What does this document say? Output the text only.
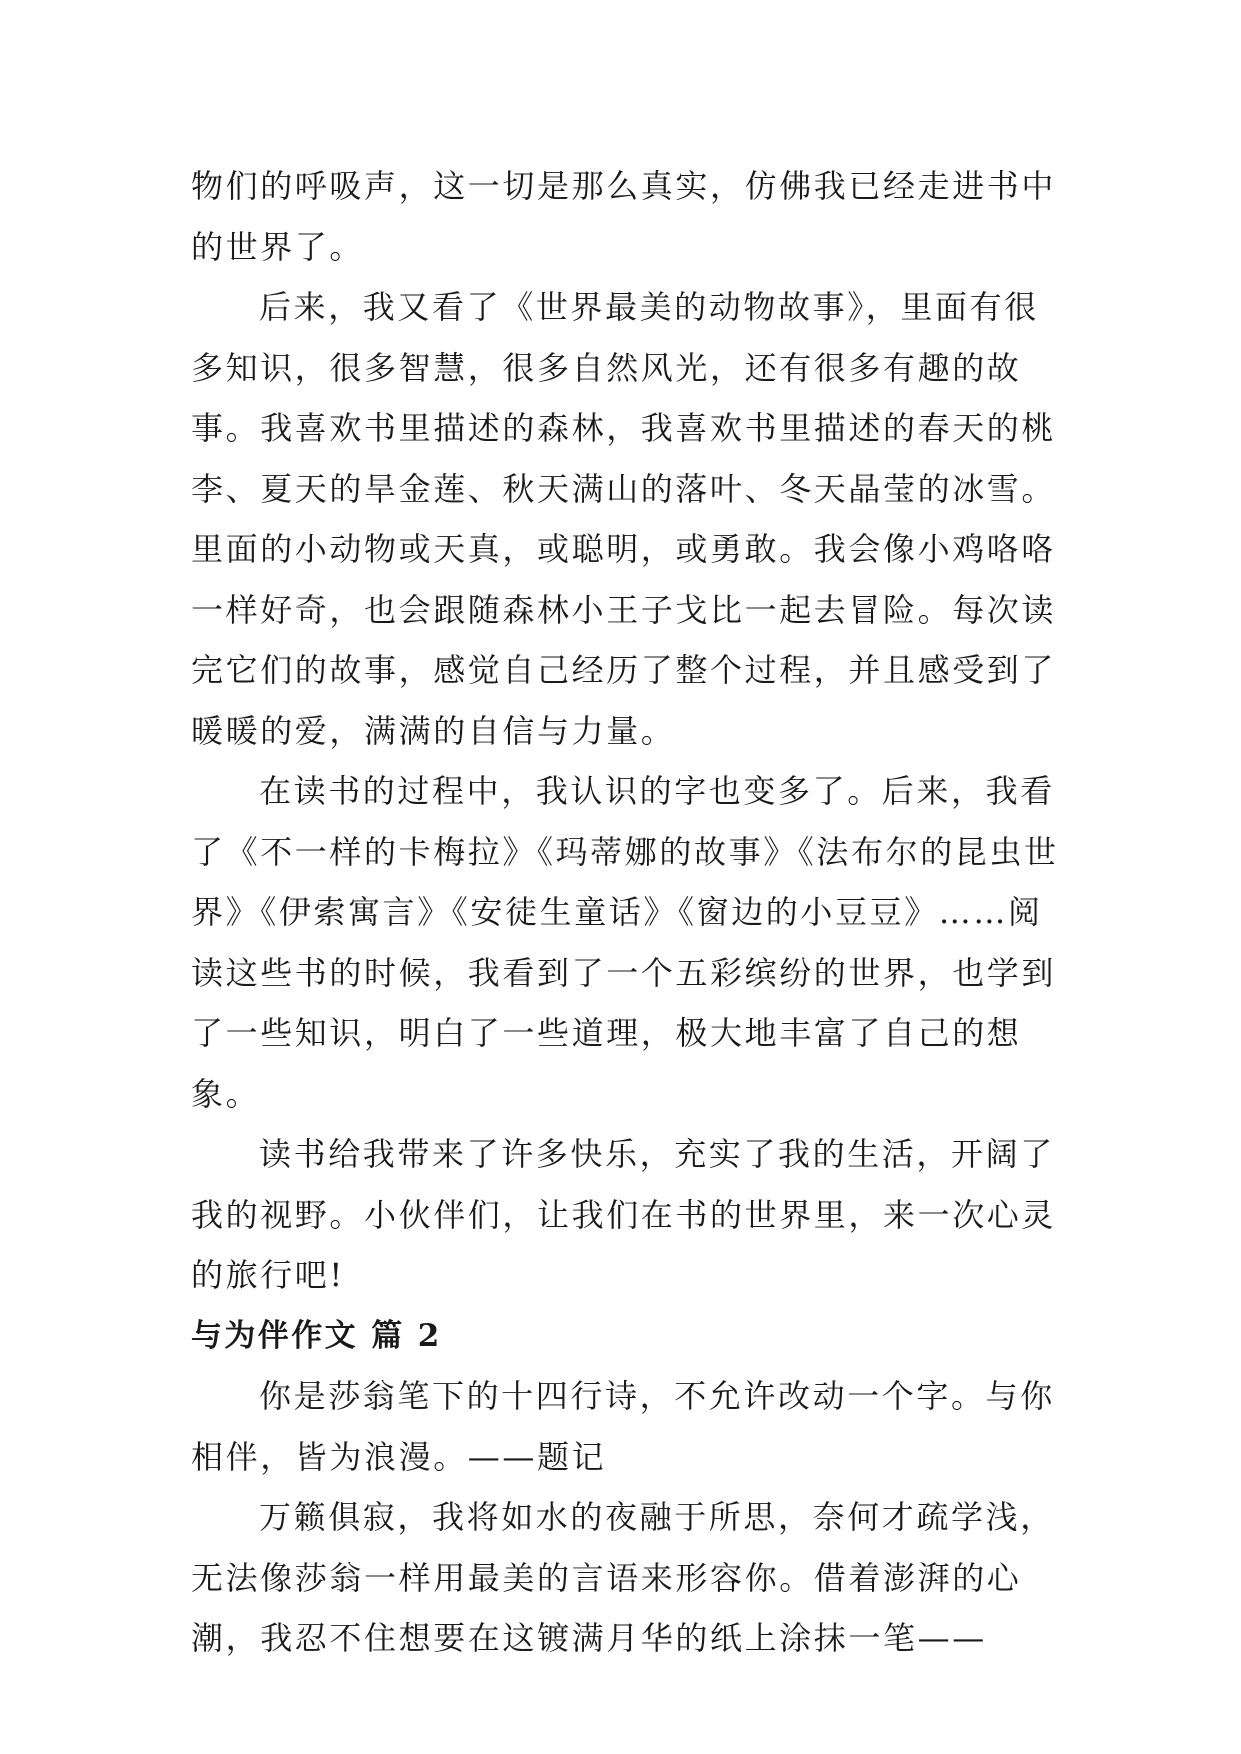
物们的呼吸声，这一切是那么真实，仿佛我已经走进书中的世界了。

后来，我又看了《世界最美的动物故事》，里面有很多知识，很多智慧，很多自然风光，还有很多有趣的故事。我喜欢书里描述的森林，我喜欢书里描述的春天的桃李、夏天的旱金莲、秋天满山的落叶、冬天晶莹的冰雪。里面的小动物或天真，或聪明，或勇敢。我会像小鸡咯咯一样好奇，也会跟随森林小王子戈比一起去冒险。每次读完它们的故事，感觉自己经历了整个过程，并且感受到了暖暖的爱，满满的自信与力量。

在读书的过程中，我认识的字也变多了。后来，我看了《不一样的卡梅拉》《玛蒂娜的故事》《法布尔的昆虫世界》《伊索寓言》《安徒生童话》《窗边的小豆豆》……阅读这些书的时候，我看到了一个五彩缤纷的世界，也学到了一些知识，明白了一些道理，极大地丰富了自己的想象。

读书给我带来了许多快乐，充实了我的生活，开阔了我的视野。小伙伴们，让我们在书的世界里，来一次心灵的旅行吧!

与为伴作文 篇 2

你是莎翁笔下的十四行诗，不允许改动一个字。与你相伴，皆为浪漫。——题记

万籁俱寂，我将如水的夜融于所思，奈何才疏学浅，无法像莎翁一样用最美的言语来形容你。借着澎湃的心潮，我忍不住想要在这镀满月华的纸上涂抹一笔——
